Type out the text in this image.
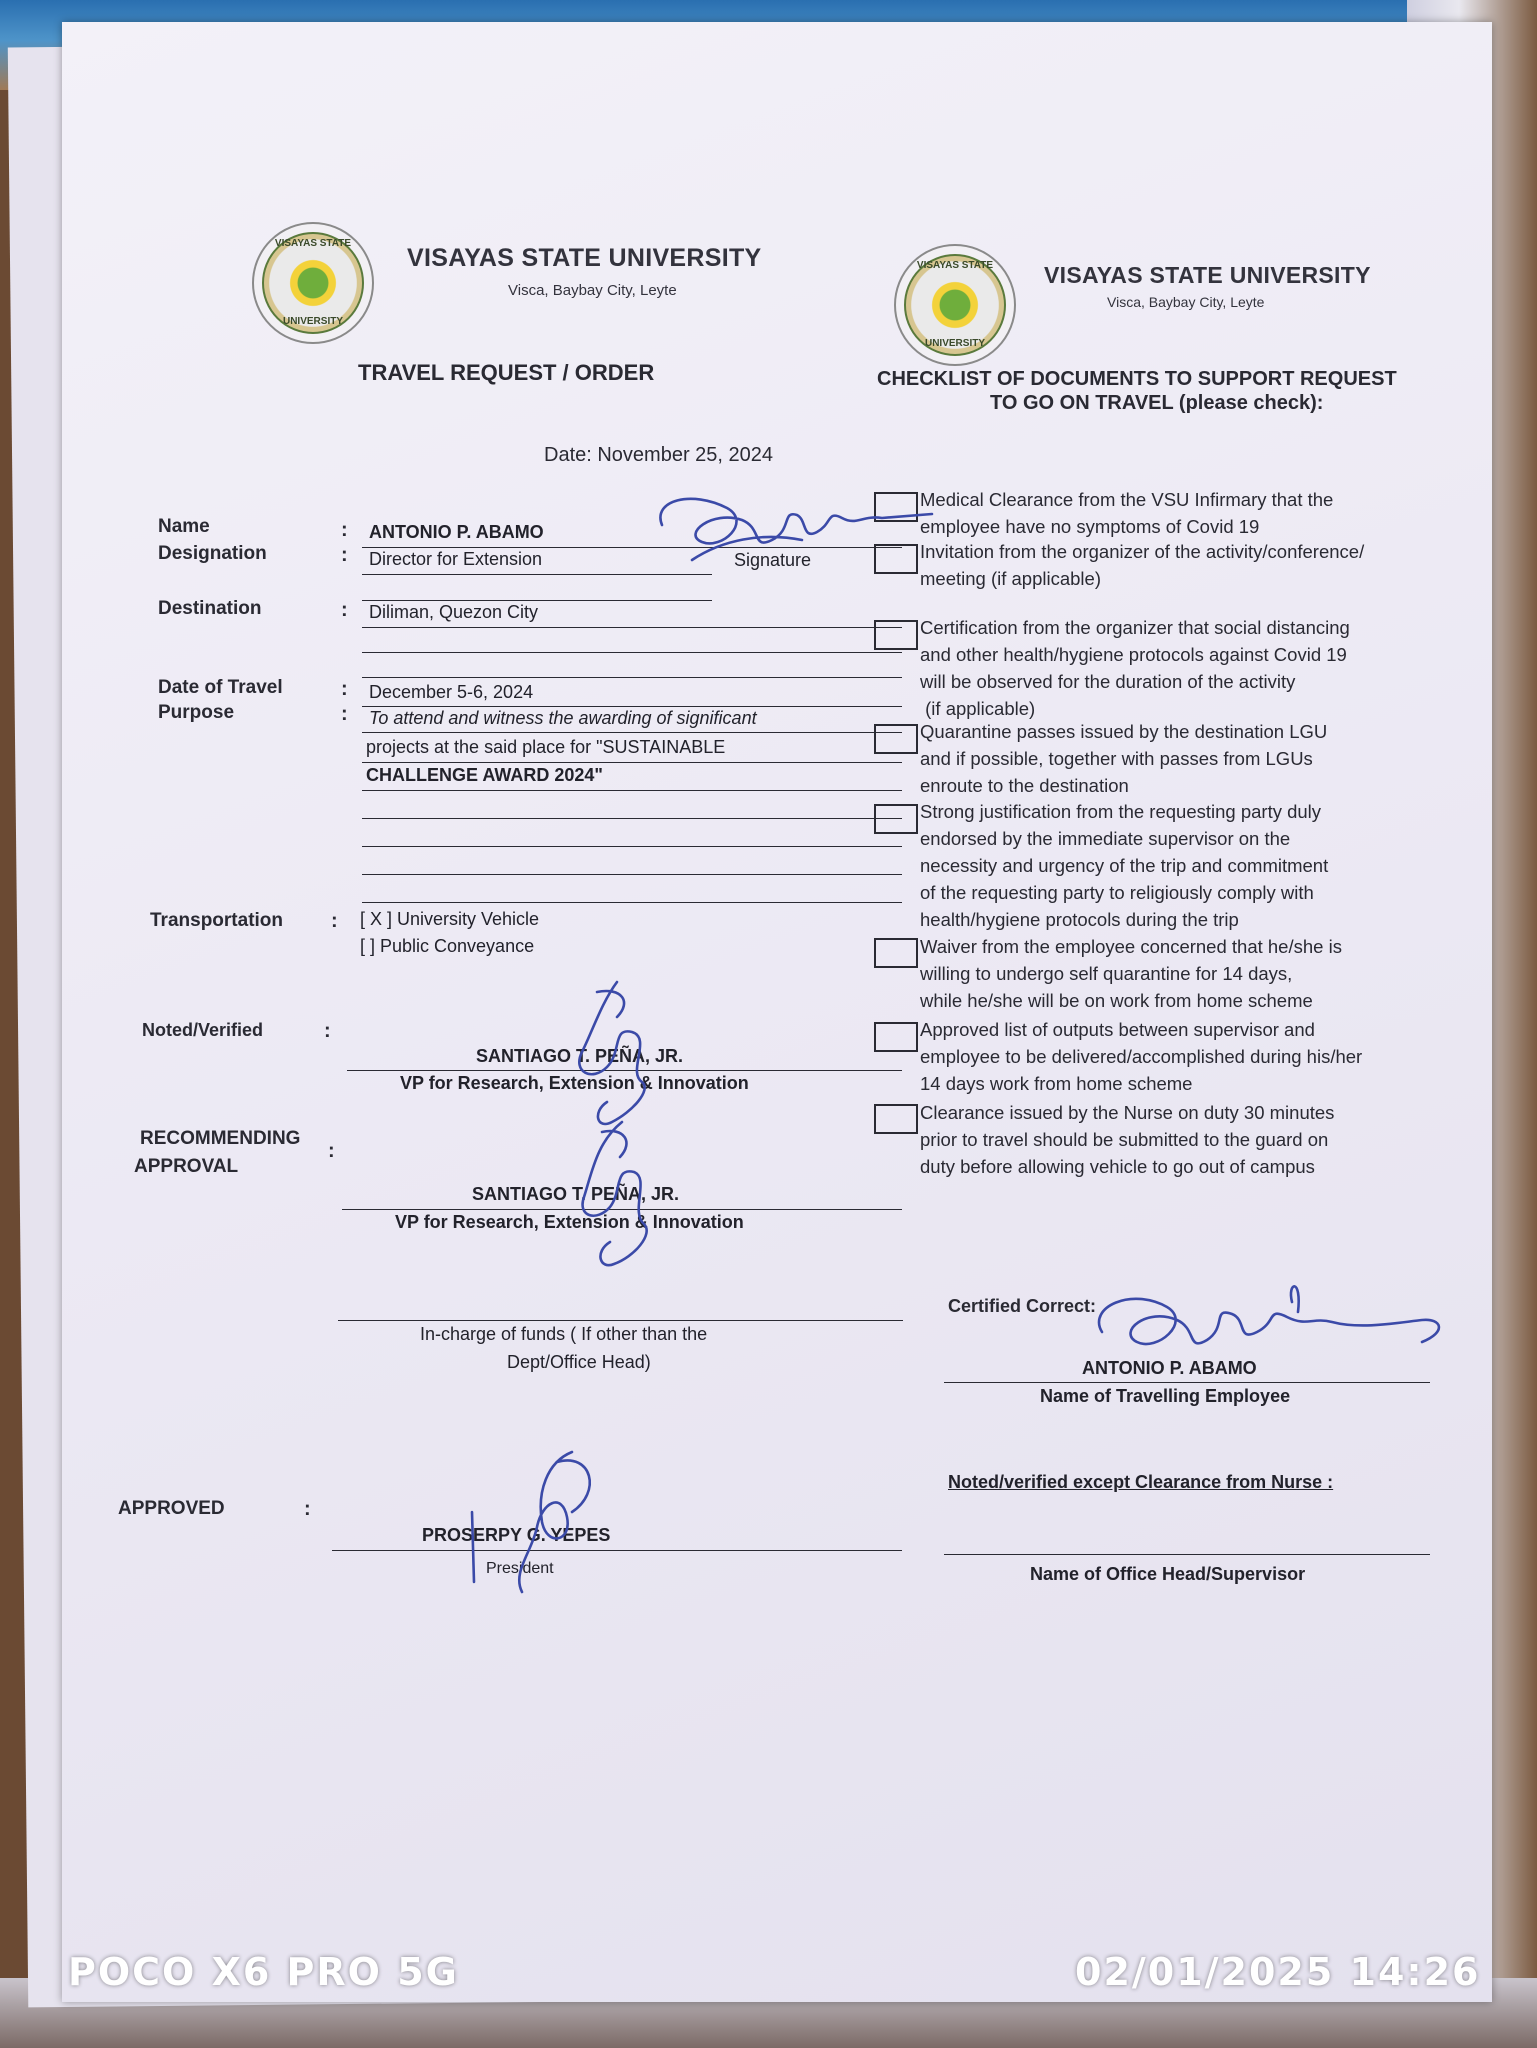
VISAYAS STATE
UNIVERSITY
VISAYAS STATE UNIVERSITY
Visca, Baybay City, Leyte
VISAYAS STATE
UNIVERSITY
VISAYAS STATE UNIVERSITY
Visca, Baybay City, Leyte
TRAVEL REQUEST / ORDER
Date: November 25, 2024
CHECKLIST OF DOCUMENTS TO SUPPORT REQUEST
TO GO ON TRAVEL (please check):
Name	: ANTONIO P. ABAMO
Designation	: Director for Extension	Signature
Destination	: Diliman, Quezon City
Date of Travel	: December 5-6, 2024
Purpose	: To attend and witness the awarding of significant
projects at the said place for "SUSTAINABLE
CHALLENGE AWARD 2024"
Transportation : [ X ] University Vehicle
[ ] Public Conveyance
Noted/Verified	:
SANTIAGO T. PEÑA, JR.
VP for Research, Extension & Innovation
RECOMMENDING
APPROVAL
:
SANTIAGO T. PEÑA, JR.
VP for Research, Extension & Innovation
In-charge of funds ( If other than the
Dept/Office Head)
APPROVED	:
PROSERPY G. YEPES
President
Medical Clearance from the VSU Infirmary that the
employee have no symptoms of Covid 19
Invitation from the organizer of the activity/conference/
meeting (if applicable)
Certification from the organizer that social distancing
and other health/hygiene protocols against Covid 19
will be observed for the duration of the activity
(if applicable)
Quarantine passes issued by the destination LGU
and if possible, together with passes from LGUs
enroute to the destination
Strong justification from the requesting party duly
endorsed by the immediate supervisor on the
necessity and urgency of the trip and commitment
of the requesting party to religiously comply with
health/hygiene protocols during the trip
Waiver from the employee concerned that he/she is
willing to undergo self quarantine for 14 days,
while he/she will be on work from home scheme
Approved list of outputs between supervisor and
employee to be delivered/accomplished during his/her
14 days work from home scheme
Clearance issued by the Nurse on duty 30 minutes
prior to travel should be submitted to the guard on
duty before allowing vehicle to go out of campus
Certified Correct:
ANTONIO P. ABAMO
Name of Travelling Employee
Noted/verified except Clearance from Nurse :
Name of Office Head/Supervisor
POCO X6 PRO 5G	02/01/2025 14:26
